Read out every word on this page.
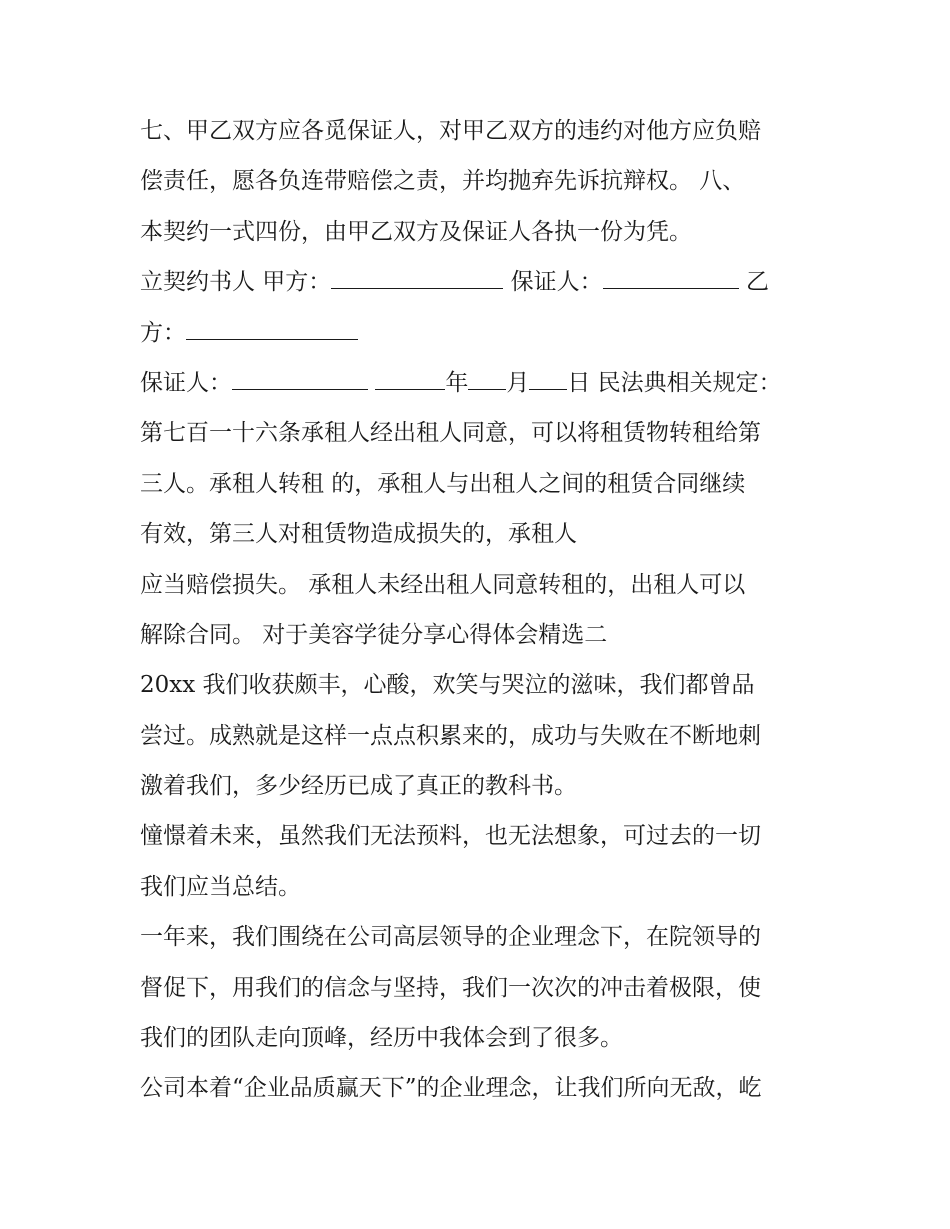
七、甲乙双方应各觅保证人，对甲乙双方的违约对他方应负赔
偿责任，愿各负连带赔偿之责，并均抛弃先诉抗辩权。 八、
本契约一式四份，由甲乙双方及保证人各执一份为凭。
立契约书人 甲方：	保证人：	乙
方：
保证人：	年 月 日 民法典相关规定：
第七百一十六条承租人经出租人同意，可以将租赁物转租给第
三人。承租人转租 的，承租人与出租人之间的租赁合同继续
有效，第三人对租赁物造成损失的，承租人
应当赔偿损失。 承租人未经出租人同意转租的，出租人可以
解除合同。 对于美容学徒分享心得体会精选二
20xx 我们收获颇丰，心酸，欢笑与哭泣的滋味，我们都曾品
尝过。成熟就是这样一点点积累来的，成功与失败在不断地刺
激着我们，多少经历已成了真正的教科书。
憧憬着未来，虽然我们无法预料，也无法想象，可过去的一切
我们应当总结。
一年来，我们围绕在公司高层领导的企业理念下，在院领导的
督促下，用我们的信念与坚持，我们一次次的冲击着极限，使
我们的团队走向顶峰，经历中我体会到了很多。
公司本着“企业品质赢天下”的企业理念，让我们所向无敌，屹
